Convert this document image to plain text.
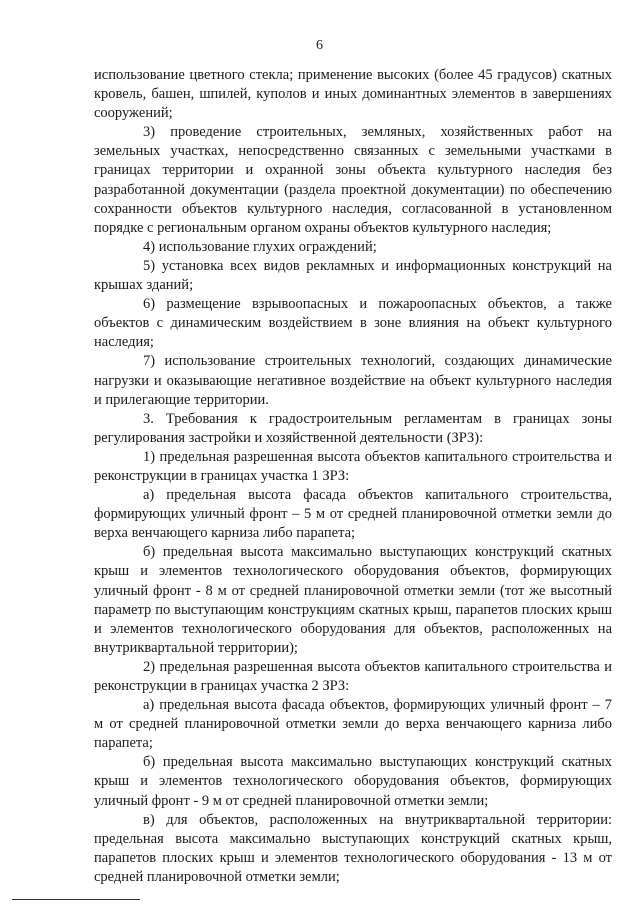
6

использование цветного стекла; применение высоких (более 45 градусов) скатных кровель, башен, шпилей, куполов и иных доминантных элементов в завершениях сооружений;

3) проведение строительных, земляных, хозяйственных работ на земельных участках, непосредственно связанных с земельными участками в границах территории и охранной зоны объекта культурного наследия без разработанной документации (раздела проектной документации) по обеспечению сохранности объектов культурного наследия, согласованной в установленном порядке с региональным органом охраны объектов культурного наследия;

4) использование глухих ограждений;

5) установка всех видов рекламных и информационных конструкций на крышах зданий;

6) размещение взрывоопасных и пожароопасных объектов, а также объектов с динамическим воздействием в зоне влияния на объект культурного наследия;

7) использование строительных технологий, создающих динамические нагрузки и оказывающие негативное воздействие на объект культурного наследия и прилегающие территории.

3. Требования к градостроительным регламентам в границах зоны регулирования застройки и хозяйственной деятельности (ЗРЗ):

1) предельная разрешенная высота объектов капитального строительства и реконструкции в границах участка 1 ЗРЗ:

а) предельная высота фасада объектов капитального строительства, формирующих уличный фронт – 5 м от средней планировочной отметки земли до верха венчающего карниза либо парапета;

б) предельная высота максимально выступающих конструкций скатных крыш и элементов технологического оборудования объектов, формирующих уличный фронт - 8 м от средней планировочной отметки земли (тот же высотный параметр по выступающим конструкциям скатных крыш, парапетов плоских крыш и элементов технологического оборудования для объектов, расположенных на внутриквартальной территории);

2) предельная разрешенная высота объектов капитального строительства и реконструкции в границах участка 2 ЗРЗ:

а) предельная высота фасада объектов, формирующих уличный фронт – 7 м от средней планировочной отметки земли до верха венчающего карниза либо парапета;

б) предельная высота максимально выступающих конструкций скатных крыш и элементов технологического оборудования объектов, формирующих уличный фронт - 9 м от средней планировочной отметки земли;

в) для объектов, расположенных на внутриквартальной территории: предельная высота максимально выступающих конструкций скатных крыш, парапетов плоских крыш и элементов технологического оборудования - 13 м от средней планировочной отметки земли;
